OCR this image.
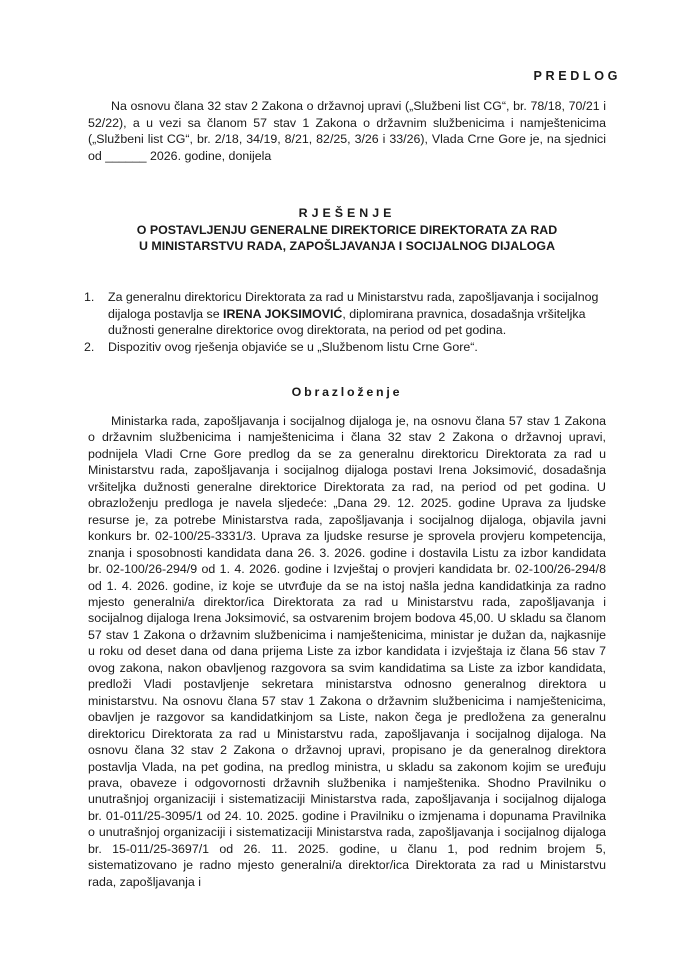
PREDLOG
Na osnovu člana 32 stav 2 Zakona o državnoj upravi („Službeni list CG“, br. 78/18, 70/21 i 52/22), a u vezi sa članom 57 stav 1 Zakona o državnim službenicima i namještenicima („Službeni list CG“, br. 2/18, 34/19, 8/21, 82/25, 3/26 i 33/26), Vlada Crne Gore je, na sjednici od ______ 2026. godine, donijela
RJEŠENJE
O POSTAVLJENJU GENERALNE DIREKTORICE DIREKTORATA ZA RAD
U MINISTARSTVU RADA, ZAPOŠLJAVANJA I SOCIJALNOG DIJALOGA
1. Za generalnu direktoricu Direktorata za rad u Ministarstvu rada, zapošljavanja i socijalnog dijaloga postavlja se IRENA JOKSIMOVIĆ, diplomirana pravnica, dosadašnja vršiteljka dužnosti generalne direktorice ovog direktorata, na period od pet godina.
2. Dispozitiv ovog rješenja objaviće se u „Službenom listu Crne Gore“.
Obrazloženje
Ministarka rada, zapošljavanja i socijalnog dijaloga je, na osnovu člana 57 stav 1 Zakona o državnim službenicima i namještenicima i člana 32 stav 2 Zakona o državnoj upravi, podnijela Vladi Crne Gore predlog da se za generalnu direktoricu Direktorata za rad u Ministarstvu rada, zapošljavanja i socijalnog dijaloga postavi Irena Joksimović, dosadašnja vršiteljka dužnosti generalne direktorice Direktorata za rad, na period od pet godina. U obrazloženju predloga je navela sljedeće: „Dana 29. 12. 2025. godine Uprava za ljudske resurse je, za potrebe Ministarstva rada, zapošljavanja i socijalnog dijaloga, objavila javni konkurs br. 02-100/25-3331/3. Uprava za ljudske resurse je sprovela provjeru kompetencija, znanja i sposobnosti kandidata dana 26. 3. 2026. godine i dostavila Listu za izbor kandidata br. 02-100/26-294/9 od 1. 4. 2026. godine i Izvještaj o provjeri kandidata br. 02-100/26-294/8 od 1. 4. 2026. godine, iz koje se utvrđuje da se na istoj našla jedna kandidatkinja za radno mjesto generalni/a direktor/ica Direktorata za rad u Ministarstvu rada, zapošljavanja i socijalnog dijaloga Irena Joksimović, sa ostvarenim brojem bodova 45,00. U skladu sa članom 57 stav 1 Zakona o državnim službenicima i namještenicima, ministar je dužan da, najkasnije u roku od deset dana od dana prijema Liste za izbor kandidata i izvještaja iz člana 56 stav 7 ovog zakona, nakon obavljenog razgovora sa svim kandidatima sa Liste za izbor kandidata, predloži Vladi postavljenje sekretara ministarstva odnosno generalnog direktora u ministarstvu. Na osnovu člana 57 stav 1 Zakona o državnim službenicima i namještenicima, obavljen je razgovor sa kandidatkinjom sa Liste, nakon čega je predložena za generalnu direktoricu Direktorata za rad u Ministarstvu rada, zapošljavanja i socijalnog dijaloga. Na osnovu člana 32 stav 2 Zakona o državnoj upravi, propisano je da generalnog direktora postavlja Vlada, na pet godina, na predlog ministra, u skladu sa zakonom kojim se uređuju prava, obaveze i odgovornosti državnih službenika i namještenika. Shodno Pravilniku o unutrašnjoj organizaciji i sistematizaciji Ministarstva rada, zapošljavanja i socijalnog dijaloga br. 01-011/25-3095/1 od 24. 10. 2025. godine i Pravilniku o izmjenama i dopunama Pravilnika o unutrašnjoj organizaciji i sistematizaciji Ministarstva rada, zapošljavanja i socijalnog dijaloga br. 15-011/25-3697/1 od 26. 11. 2025. godine, u članu 1, pod rednim brojem 5, sistematizovano je radno mjesto generalni/a direktor/ica Direktorata za rad u Ministarstvu rada, zapošljavanja i
